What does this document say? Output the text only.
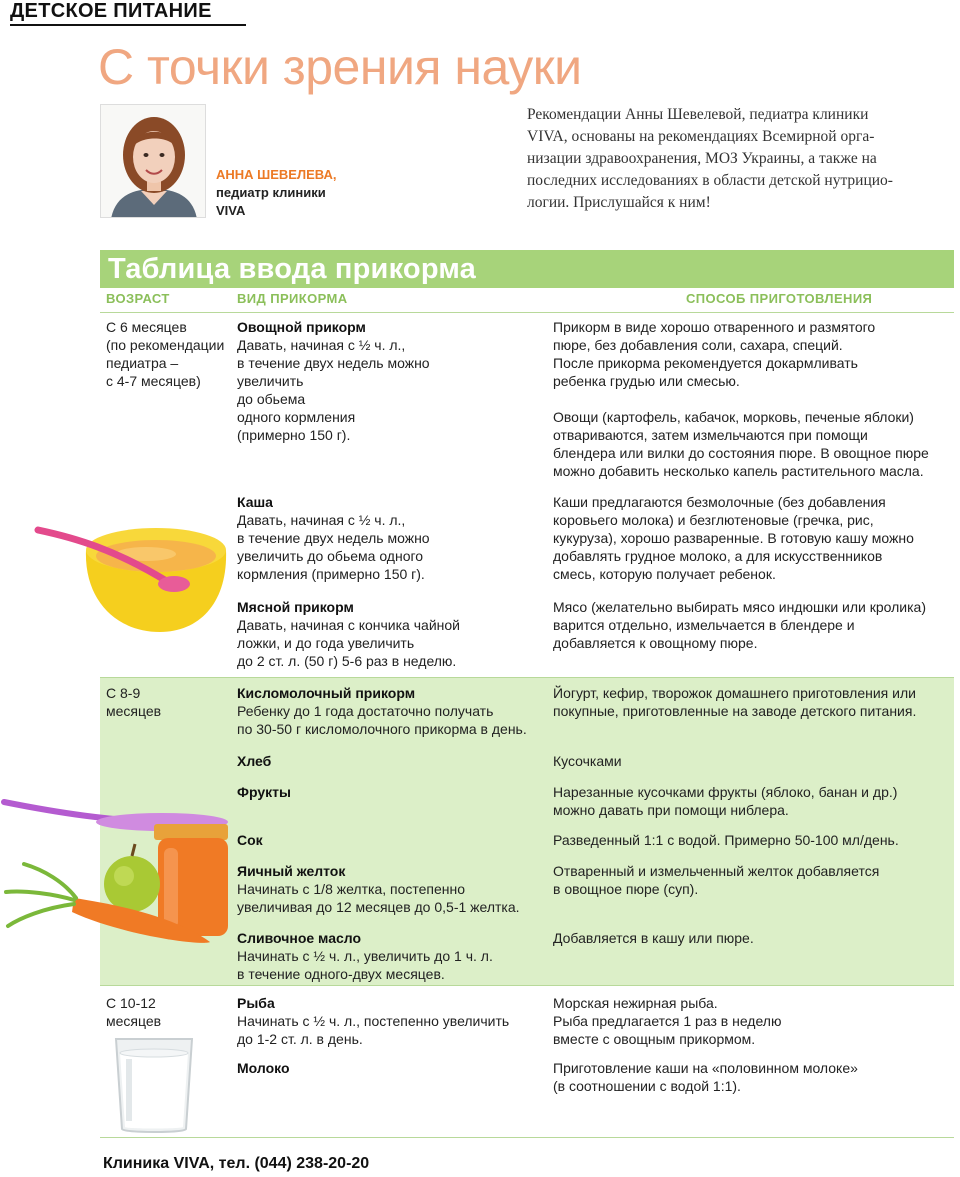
ДЕТСКОЕ ПИТАНИЕ
С точки зрения науки
АННА ШЕВЕЛЕВА,
педиатр клиники
VIVA
Рекомендации Анны Шевелевой, педиатра клиники
VIVA, основаны на рекомендациях Всемирной орга-
низации здравоохранения, МОЗ Украины, а также на
последних исследованиях в области детской нутрицио-
логии. Прислушайся к ним!
Таблица ввода прикорма
ВОЗРАСТ	ВИД ПРИКОРМА	СПОСОБ ПРИГОТОВЛЕНИЯ
С 6 месяцев
(по рекомендации
педиатра –
с 4-7 месяцев)
С 8-9
месяцев
С 10-12
месяцев
Овощной прикорм
Давать, начиная с ½ ч. л.,
в течение двух недель можно
увеличить
до обьема
одного кормления
(примерно 150 г).
Каша
Давать, начиная с ½ ч. л.,
в течение двух недель можно
увеличить до обьема одного
кормления (примерно 150 г).
Мясной прикорм
Давать, начиная с кончика чайной
ложки, и до года увеличить
до 2 ст. л. (50 г) 5-6 раз в неделю.
Кисломолочный прикорм
Ребенку до 1 года достаточно получать
по 30-50 г кисломолочного прикорма в день.
Хлеб
Фрукты
Сок
Яичный желток
Начинать с 1/8 желтка, постепенно
увеличивая до 12 месяцев до 0,5-1 желтка.
Сливочное масло
Начинать с ½ ч. л., увеличить до 1 ч. л.
в течение одного-двух месяцев.
Рыба
Начинать с ½ ч. л., постепенно увеличить
до 1-2 ст. л. в день.
Молоко
Прикорм в виде хорошо отваренного и размятого
пюре, без добавления соли, сахара, специй.
После прикорма рекомендуется докармливать
ребенка грудью или смесью.
Овощи (картофель, кабачок, морковь, печеные яблоки)
отвариваются, затем измельчаются при помощи
блендера или вилки до состояния пюре. В овощное пюре
можно добавить несколько капель растительного масла.
Каши предлагаются безмолочные (без добавления
коровьего молока) и безглютеновые (гречка, рис,
кукуруза), хорошо разваренные. В готовую кашу можно
добавлять грудное молоко, а для искусственников
смесь, которую получает ребенок.
Мясо (желательно выбирать мясо индюшки или кролика)
варится отдельно, измельчается в блендере и
добавляется к овощному пюре.
Йогурт, кефир, творожок домашнего приготовления или
покупные, приготовленные на заводе детского питания.
Кусочками
Нарезанные кусочками фрукты (яблоко, банан и др.)
можно давать при помощи ниблера.
Разведенный 1:1 с водой. Примерно 50-100 мл/день.
Отваренный и измельченный желток добавляется
в овощное пюре (суп).
Добавляется в кашу или пюре.
Морская нежирная рыба.
Рыба предлагается 1 раз в неделю
вместе с овощным прикормом.
Приготовление каши на «половинном молоке»
(в соотношении с водой 1:1).
Клиника VIVA, тел. (044) 238-20-20
